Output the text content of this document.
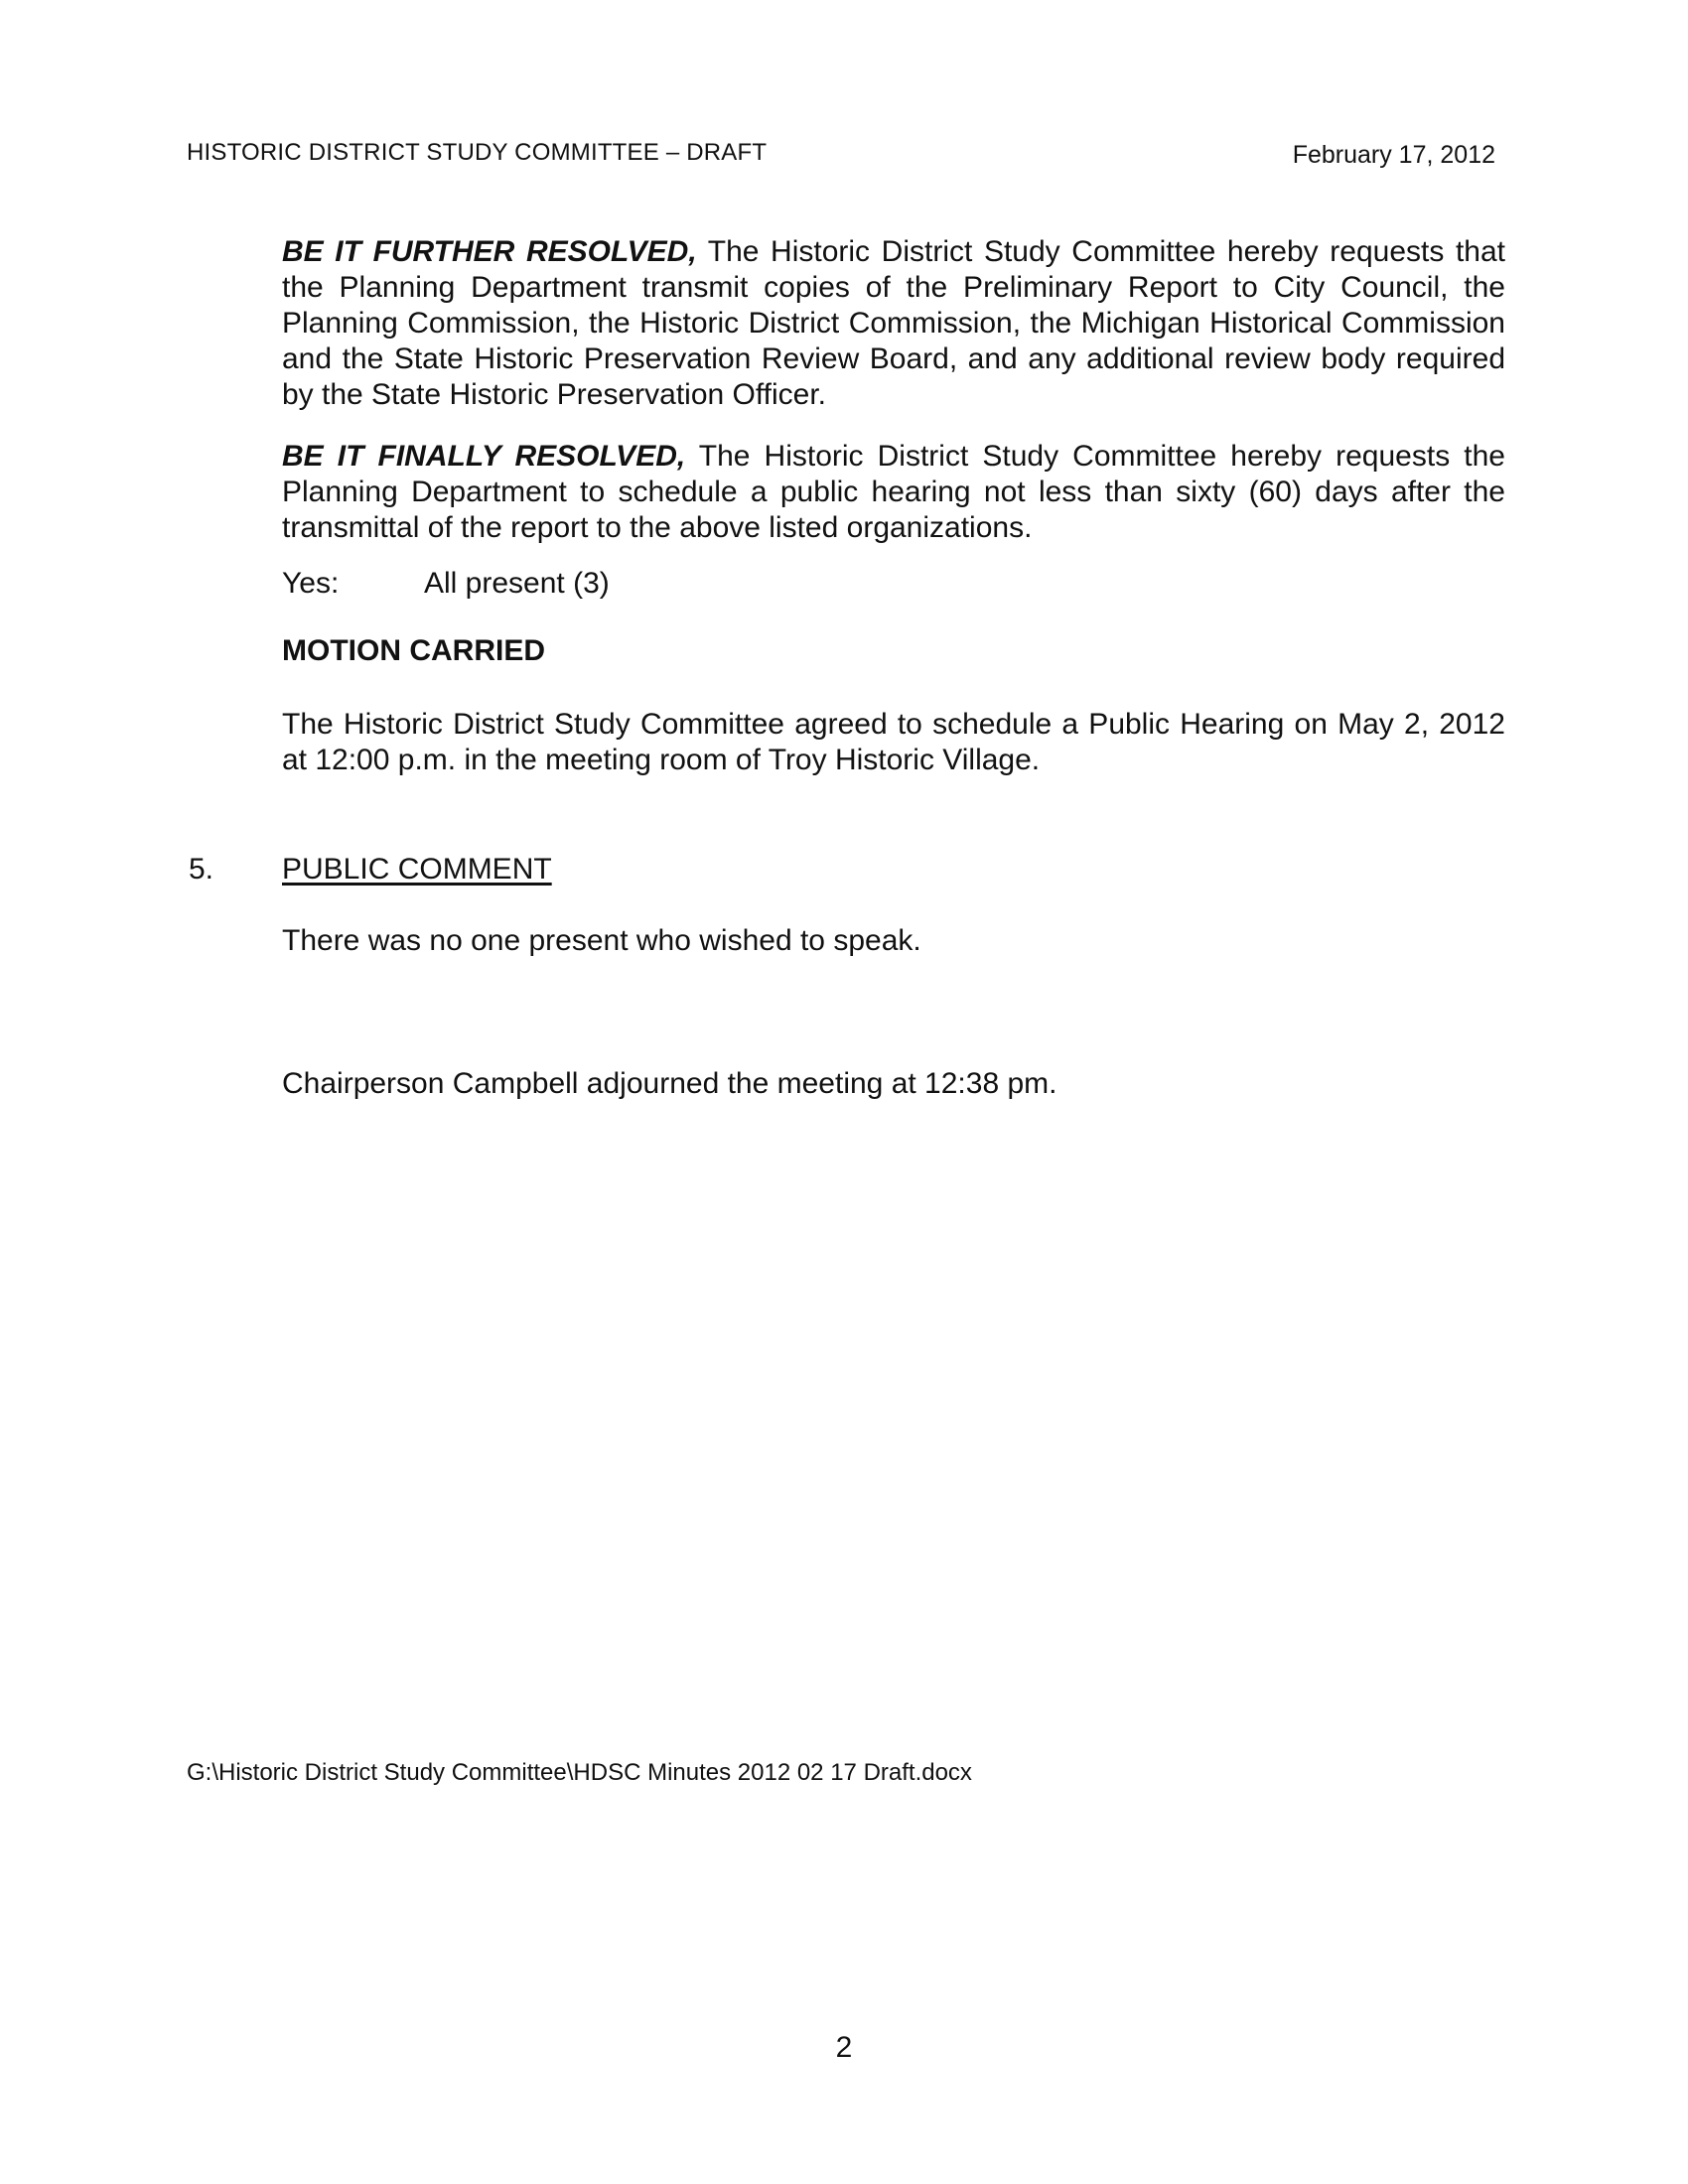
HISTORIC DISTRICT STUDY COMMITTEE – DRAFT	February 17, 2012

BE IT FURTHER RESOLVED, The Historic District Study Committee hereby requests that the Planning Department transmit copies of the Preliminary Report to City Council, the Planning Commission, the Historic District Commission, the Michigan Historical Commission and the State Historic Preservation Review Board, and any additional review body required by the State Historic Preservation Officer.

BE IT FINALLY RESOLVED, The Historic District Study Committee hereby requests the Planning Department to schedule a public hearing not less than sixty (60) days after the transmittal of the report to the above listed organizations.

Yes:	All present (3)
MOTION CARRIED

The Historic District Study Committee agreed to schedule a Public Hearing on May 2, 2012 at 12:00 p.m. in the meeting room of Troy Historic Village.

5. PUBLIC COMMENT
There was no one present who wished to speak.
Chairperson Campbell adjourned the meeting at 12:38 pm.
G:\Historic District Study Committee\HDSC Minutes 2012 02 17 Draft.docx
2
